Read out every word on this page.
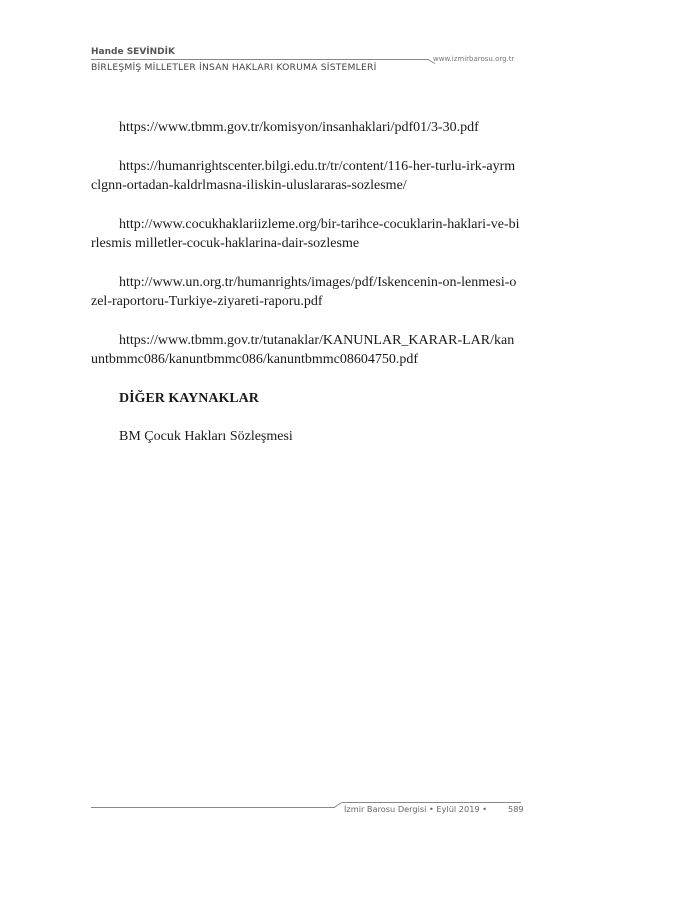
Hande SEVİNDİK
www.izmirbarosu.org.tr
BİRLEŞMİŞ MİLLETLER İNSAN HAKLARI KORUMA SİSTEMLERİ

https://www.tbmm.gov.tr/komisyon/insanhaklari/pdf01/3-30.pdf

https://humanrightscenter.bilgi.edu.tr/tr/content/116-her-turlu-irk-ayrmclgnn-ortadan-kaldrlmasna-iliskin-uluslararas-sozlesme/

http://www.cocukhaklariizleme.org/bir-tarihce-cocuklarin-haklari-ve-birlesmis milletler-cocuk-haklarina-dair-sozlesme

http://www.un.org.tr/humanrights/images/pdf/Iskencenin-on-lenmesi-ozel-raportoru-Turkiye-ziyareti-raporu.pdf

https://www.tbmm.gov.tr/tutanaklar/KANUNLAR_KARAR-LAR/kanuntbmmc086/kanuntbmmc086/kanuntbmmc08604750.pdf

DİĞER KAYNAKLAR

BM Çocuk Hakları Sözleşmesi

İzmir Barosu Dergisi • Eylül 2019 •	589
